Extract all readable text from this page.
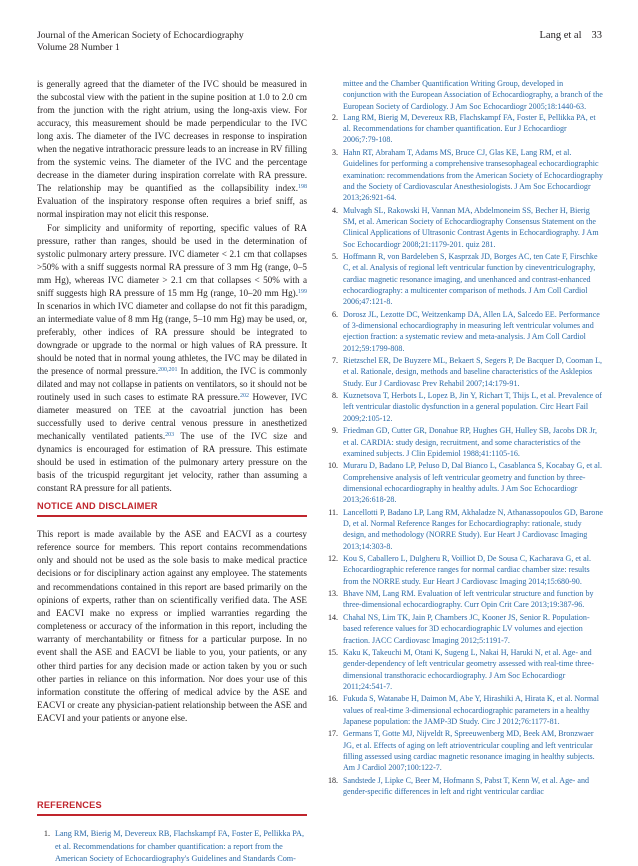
Journal of the American Society of Echocardiography
Volume 28 Number 1
Lang et al 33

is generally agreed that the diameter of the IVC should be measured in the subcostal view with the patient in the supine position at 1.0 to 2.0 cm from the junction with the right atrium, using the long-axis view. For accuracy, this measurement should be made perpendicular to the IVC long axis. The diameter of the IVC decreases in response to inspiration when the negative intrathoracic pressure leads to an increase in RV filling from the systemic veins. The diameter of the IVC and the percentage decrease in the diameter during inspiration correlate with RA pressure. The relationship may be quantified as the collapsibility index.$^{198}$ Evaluation of the inspiratory response often requires a brief sniff, as normal inspiration may not elicit this response.

For simplicity and uniformity of reporting, specific values of RA pressure, rather than ranges, should be used in the determination of systolic pulmonary artery pressure. IVC diameter < 2.1 cm that collapses >50% with a sniff suggests normal RA pressure of 3 mm Hg (range, 0–5 mm Hg), whereas IVC diameter > 2.1 cm that collapses < 50% with a sniff suggests high RA pressure of 15 mm Hg (range, 10–20 mm Hg).$^{199}$ In scenarios in which IVC diameter and collapse do not fit this paradigm, an intermediate value of 8 mm Hg (range, 5–10 mm Hg) may be used, or, preferably, other indices of RA pressure should be integrated to downgrade or upgrade to the normal or high values of RA pressure. It should be noted that in normal young athletes, the IVC may be dilated in the presence of normal pressure.$^{200,201}$ In addition, the IVC is commonly dilated and may not collapse in patients on ventilators, so it should not be routinely used in such cases to estimate RA pressure.$^{202}$ However, IVC diameter measured on TEE at the cavoatrial junction has been successfully used to derive central venous pressure in anesthetized mechanically ventilated patients.$^{203}$ The use of the IVC size and dynamics is encouraged for estimation of RA pressure. This estimate should be used in estimation of the pulmonary artery pressure on the basis of the tricuspid regurgitant jet velocity, rather than assuming a constant RA pressure for all patients.

NOTICE AND DISCLAIMER

This report is made available by the ASE and EACVI as a courtesy reference source for members. This report contains recommendations only and should not be used as the sole basis to make medical practice decisions or for disciplinary action against any employee. The statements and recommendations contained in this report are based primarily on the opinions of experts, rather than on scientifically verified data. The ASE and EACVI make no express or implied warranties regarding the completeness or accuracy of the information in this report, including the warranty of merchantability or fitness for a particular purpose. In no event shall the ASE and EACVI be liable to you, your patients, or any other third parties for any decision made or action taken by you or such other parties in reliance on this information. Nor does your use of this information constitute the offering of medical advice by the ASE and EACVI or create any physician-patient relationship between the ASE and EACVI and your patients or anyone else.

REFERENCES
1. Lang RM, Bierig M, Devereux RB, Flachskampf FA, Foster E, Pellikka PA, et al. Recommendations for chamber quantification: a report from the American Society of Echocardiography's Guidelines and Standards Com-
mittee and the Chamber Quantification Writing Group, developed in conjunction with the European Association of Echocardiography, a branch of the European Society of Cardiology. J Am Soc Echocardiogr 2005;18:1440-63.
2. Lang RM, Bierig M, Devereux RB, Flachskampf FA, Foster E, Pellikka PA, et al. Recommendations for chamber quantification. Eur J Echocardiogr 2006;7:79-108.
3. Hahn RT, Abraham T, Adams MS, Bruce CJ, Glas KE, Lang RM, et al. Guidelines for performing a comprehensive transesophageal echocardiographic examination: recommendations from the American Society of Echocardiography and the Society of Cardiovascular Anesthesiologists. J Am Soc Echocardiogr 2013;26:921-64.
4. Mulvagh SL, Rakowski H, Vannan MA, Abdelmoneim SS, Becher H, Bierig SM, et al. American Society of Echocardiography Consensus Statement on the Clinical Applications of Ultrasonic Contrast Agents in Echocardiography. J Am Soc Echocardiogr 2008;21:1179-201. quiz 281.
5. Hoffmann R, von Bardeleben S, Kasprzak JD, Borges AC, ten Cate F, Firschke C, et al. Analysis of regional left ventricular function by cineventriculography, cardiac magnetic resonance imaging, and unenhanced and contrast-enhanced echocardiography: a multicenter comparison of methods. J Am Coll Cardiol 2006;47:121-8.
6. Dorosz JL, Lezotte DC, Weitzenkamp DA, Allen LA, Salcedo EE. Performance of 3-dimensional echocardiography in measuring left ventricular volumes and ejection fraction: a systematic review and meta-analysis. J Am Coll Cardiol 2012;59:1799-808.
7. Rietzschel ER, De Buyzere ML, Bekaert S, Segers P, De Bacquer D, Cooman L, et al. Rationale, design, methods and baseline characteristics of the Asklepios Study. Eur J Cardiovasc Prev Rehabil 2007;14:179-91.
8. Kuznetsova T, Herbots L, Lopez B, Jin Y, Richart T, Thijs L, et al. Prevalence of left ventricular diastolic dysfunction in a general population. Circ Heart Fail 2009;2:105-12.
9. Friedman GD, Cutter GR, Donahue RP, Hughes GH, Hulley SB, Jacobs DR Jr, et al. CARDIA: study design, recruitment, and some characteristics of the examined subjects. J Clin Epidemiol 1988;41:1105-16.
10. Muraru D, Badano LP, Peluso D, Dal Bianco L, Casablanca S, Kocabay G, et al. Comprehensive analysis of left ventricular geometry and function by three-dimensional echocardiography in healthy adults. J Am Soc Echocardiogr 2013;26:618-28.
11. Lancellotti P, Badano LP, Lang RM, Akhaladze N, Athanassopoulos GD, Barone D, et al. Normal Reference Ranges for Echocardiography: rationale, study design, and methodology (NORRE Study). Eur Heart J Cardiovasc Imaging 2013;14:303-8.
12. Kou S, Caballero L, Dulgheru R, Voilliot D, De Sousa C, Kacharava G, et al. Echocardiographic reference ranges for normal cardiac chamber size: results from the NORRE study. Eur Heart J Cardiovasc Imaging 2014;15:680-90.
13. Bhave NM, Lang RM. Evaluation of left ventricular structure and function by three-dimensional echocardiography. Curr Opin Crit Care 2013;19:387-96.
14. Chahal NS, Lim TK, Jain P, Chambers JC, Kooner JS, Senior R. Population-based reference values for 3D echocardiographic LV volumes and ejection fraction. JACC Cardiovasc Imaging 2012;5:1191-7.
15. Kaku K, Takeuchi M, Otani K, Sugeng L, Nakai H, Haruki N, et al. Age- and gender-dependency of left ventricular geometry assessed with real-time three-dimensional transthoracic echocardiography. J Am Soc Echocardiogr 2011;24:541-7.
16. Fukuda S, Watanabe H, Daimon M, Abe Y, Hirashiki A, Hirata K, et al. Normal values of real-time 3-dimensional echocardiographic parameters in a healthy Japanese population: the JAMP-3D Study. Circ J 2012;76:1177-81.
17. Germans T, Gotte MJ, Nijveldt R, Spreeuwenberg MD, Beek AM, Bronzwaer JG, et al. Effects of aging on left atrioventricular coupling and left ventricular filling assessed using cardiac magnetic resonance imaging in healthy subjects. Am J Cardiol 2007;100:122-7.
18. Sandstede J, Lipke C, Beer M, Hofmann S, Pabst T, Kenn W, et al. Age- and gender-specific differences in left and right ventricular cardiac
